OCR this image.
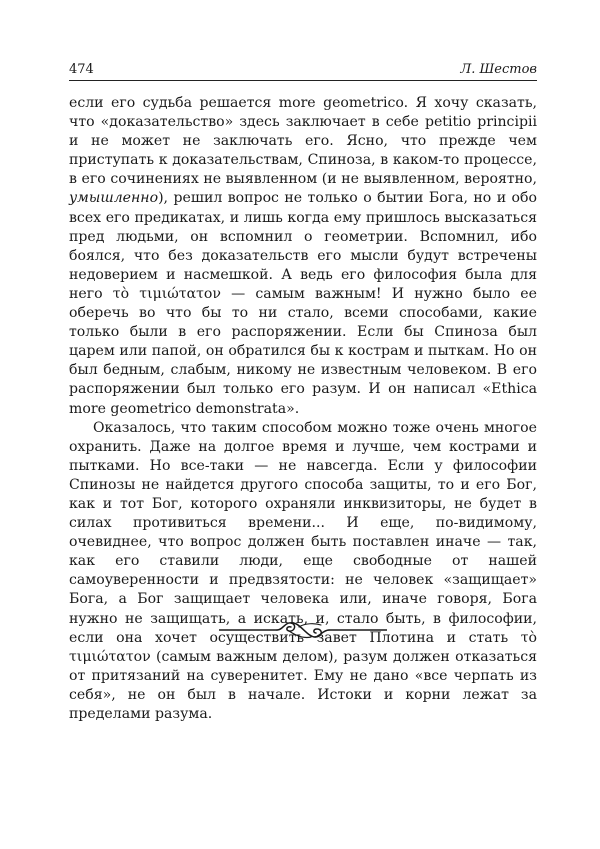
474	Л. Шестов

если его судьба решается more geometrico. Я хочу сказать, что «доказательство» здесь заключает в себе petitio principii и не может не заключать его. Ясно, что прежде чем приступать к доказательствам, Спиноза, в каком-то процессе, в его сочинениях не выявленном (и не выявленном, вероятно, умышленно), решил вопрос не только о бытии Бога, но и обо всех его предикатах, и лишь когда ему пришлось высказаться пред людьми, он вспомнил о геометрии. Вспомнил, ибо боялся, что без доказательств его мысли будут встречены недоверием и насмешкой. А ведь его философия была для него τὸ τιμιώτατον — самым важным! И нужно было ее оберечь во что бы то ни стало, всеми способами, какие только были в его распоряжении. Если бы Спиноза был царем или папой, он обратился бы к кострам и пыткам. Но он был бедным, слабым, никому не известным человеком. В его распоряжении был только его разум. И он написал «Ethica more geometrico demonstrata».

Оказалось, что таким способом можно тоже очень многое охранить. Даже на долгое время и лучше, чем кострами и пытками. Но все-таки — не навсегда. Если у философии Спинозы не найдется другого способа защиты, то и его Бог, как и тот Бог, которого охраняли инквизиторы, не будет в силах противиться времени... И еще, по-видимому, очевиднее, что вопрос должен быть поставлен иначе — так, как его ставили люди, еще свободные от нашей самоуверенности и предвзятости: не человек «защищает» Бога, а Бог защищает человека или, иначе говоря, Бога нужно не защищать, а искать, и, стало быть, в философии, если она хочет осуществить завет Плотина и стать τὸ τιμιώτατον (самым важным делом), разум должен отказаться от притязаний на суверенитет. Ему не дано «все черпать из себя», не он был в начале. Истоки и корни лежат за пределами разума.
